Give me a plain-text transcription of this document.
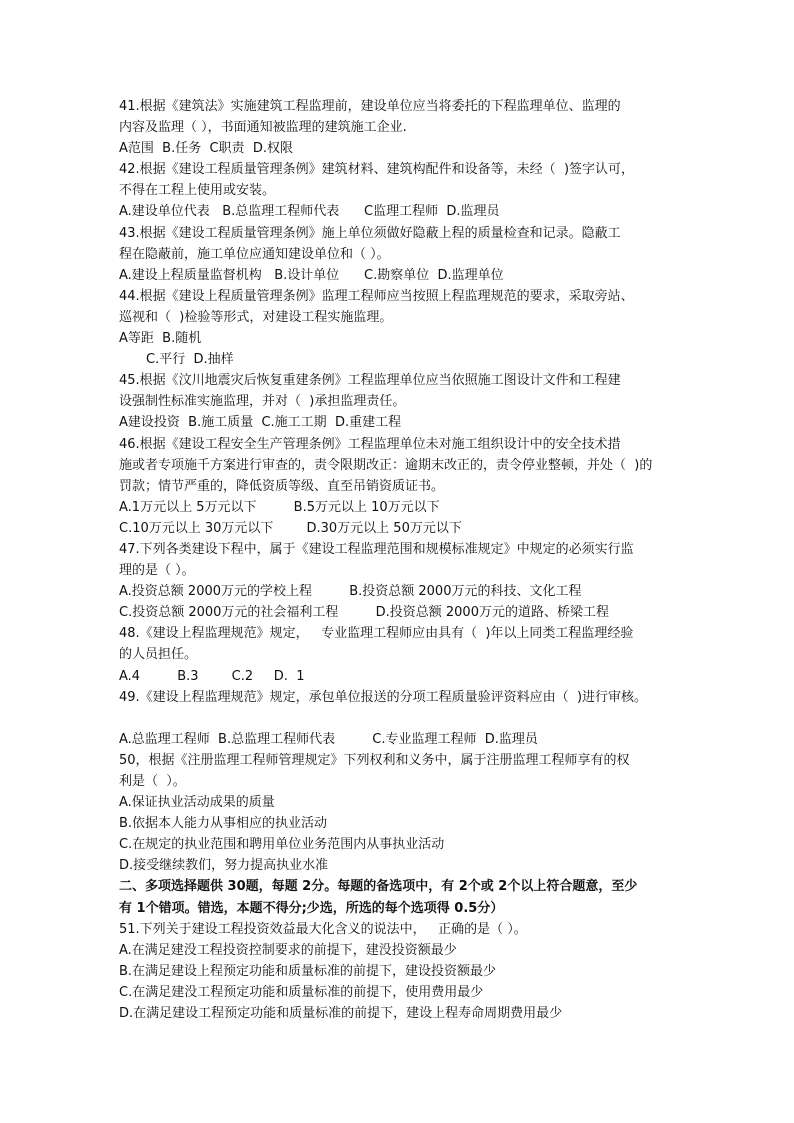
41.根据《建筑法》实施建筑工程监理前，建设单位应当将委托的下程监理单位、监理的
内容及监理（ ），书面通知被监理的建筑施工企业.
A范围  B.任务  C职责  D.权限
42.根据《建设工程质量管理条例》建筑材料、建筑构配件和设备等，未经（  )签字认可，
不得在工程上使用或安装。
A.建设单位代表   B.总监理工程师代表      C监理工程师  D.监理员
43.根据《建设工程质量管理条例》施上单位须做好隐蔽上程的质量检查和记录。隐蔽工
程在隐蔽前，施工单位应通知建设单位和（ ）。
A.建设上程质量监督机构   B.设计单位      C.勘察单位  D.监理单位
44.根据《建设上程质量管理条例》监理工程师应当按照上程监理规范的要求，采取旁站、
巡视和（  )检验等形式，对建设工程实施监理。
A等距  B.随机
C.平行  D.抽样
45.根据《汶川地震灾后恢复重建条例》工程监理单位应当依照施工图设计文件和工程建
设强制性标准实施监理，并对（  )承担监理责任。
A建设投资  B.施工质量  C.施工工期  D.重建工程
46.根据《建设工程安全生产管理条例》工程监理单位未对施工组织设计中的安全技术措
施或者专项施千方案进行审查的，责令限期改正：逾期末改正的，责令停业整顿，并处（  )的
罚款；情节严重的，降低资质等级、直至吊销资质证书。
A.1万元以上 5万元以下         B.5万元以上 10万元以下
C.10万元以上 30万元以下        D.30万元以上 50万元以下
47.下列各类建设下程中，属于《建设工程监理范围和规模标准规定》中规定的必须实行监
理的是（ ）。
A.投资总额 2000万元的学校上程         B.投资总额 2000万元的科技、文化工程
C.投资总额 2000万元的社会福利工程         D.投资总额 2000万元的道路、桥梁工程
48.《建设上程监理规范》规定，   专业监理工程师应由具有（  )年以上同类工程监理经验
的人员担任。
A.4         B.3        C.2     D.  1
49.《建设上程监理规范》规定，承包单位报送的分项工程质量验评资料应由（  )进行审核。
A.总监理工程师  B.总监理工程师代表         C.专业监理工程师  D.监理员
50，根据《注册监理工程师管理规定》下列权利和义务中，属于注册监理工程师享有的权
利是（  ）。
A.保证执业活动成果的质量
B.依据本人能力从事相应的执业活动
C.在规定的执业范围和聘用单位业务范围内从事执业活动
D.接受继续教们，努力提高执业水准
二、多项选择题供 30题，每题 2分。每题的备选项中，有 2个或 2个以上符合题意，至少
有 1个错项。错选，本题不得分;少选，所选的每个选项得 0.5分）
51.下列关于建设工程投资效益最大化含义的说法中，   正确的是（ ）。
A.在满足建没工程投资控制要求的前提下，建没投资额最少
B.在满足建设上程预定功能和质量标准的前提下，建设投资额最少
C.在满足建没工程预定功能和质量标准的前提下，使用费用最少
D.在满足建设工程预定功能和质量标准的前提下，建设上程寿命周期费用最少
